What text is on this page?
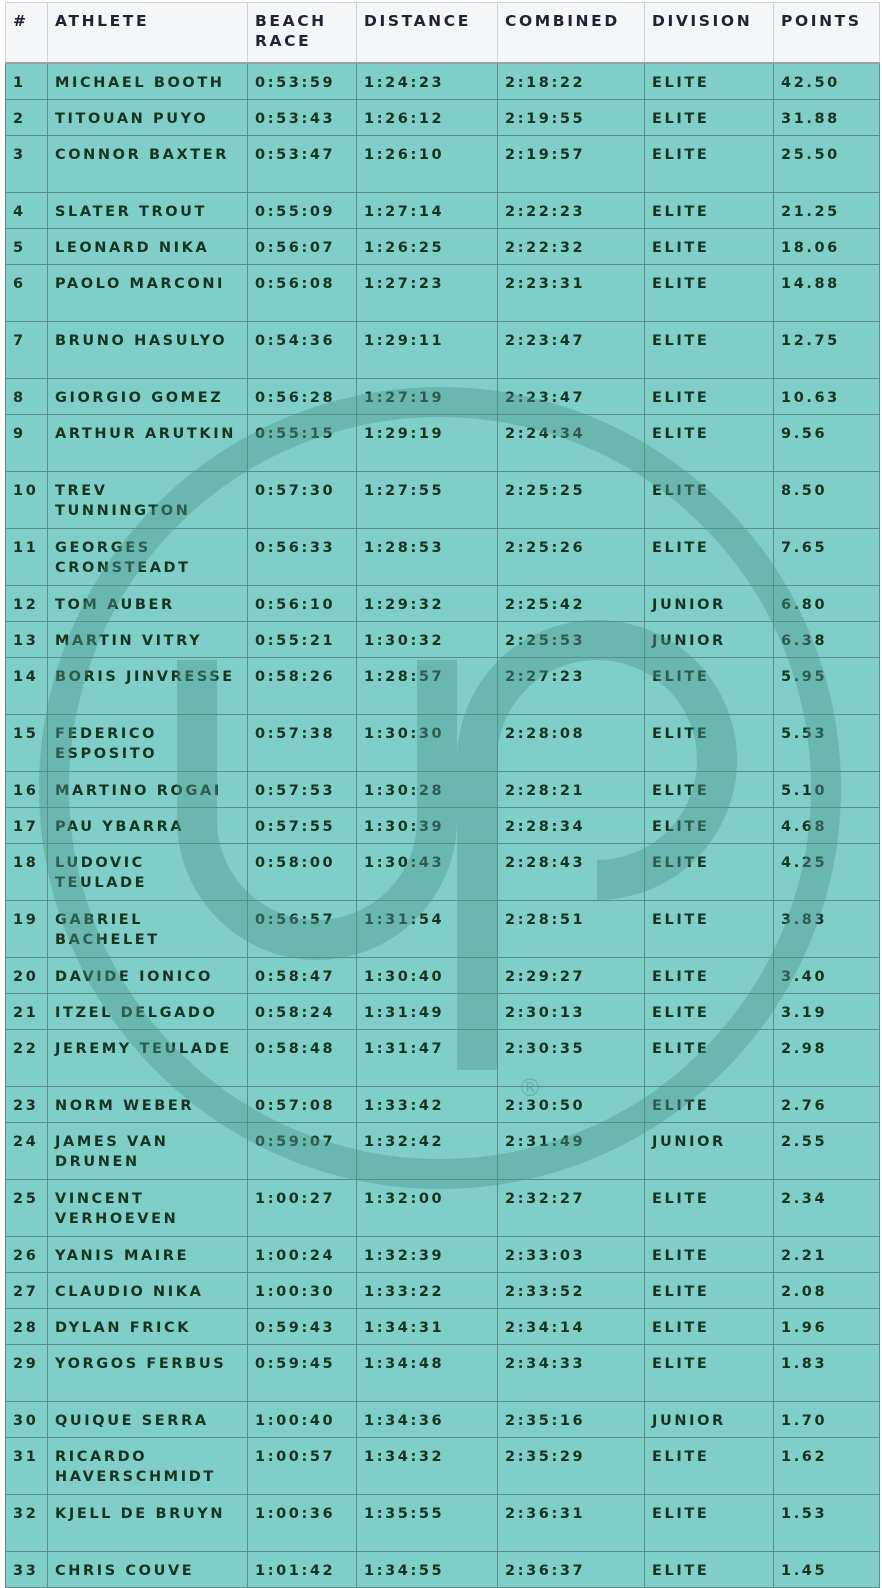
#	ATHLETE	BEACH RACE	DISTANCE	COMBINED	DIVISION	POINTS
1	MICHAEL BOOTH	0:53:59	1:24:23	2:18:22	ELITE	42.50
2	TITOUAN PUYO	0:53:43	1:26:12	2:19:55	ELITE	31.88
3	CONNOR BAXTER	0:53:47	1:26:10	2:19:57	ELITE	25.50
4	SLATER TROUT	0:55:09	1:27:14	2:22:23	ELITE	21.25
5	LEONARD NIKA	0:56:07	1:26:25	2:22:32	ELITE	18.06
6	PAOLO MARCONI	0:56:08	1:27:23	2:23:31	ELITE	14.88
7	BRUNO HASULYO	0:54:36	1:29:11	2:23:47	ELITE	12.75
8	GIORGIO GOMEZ	0:56:28	1:27:19	2:23:47	ELITE	10.63
9	ARTHUR ARUTKIN	0:55:15	1:29:19	2:24:34	ELITE	9.56
10	TREV TUNNINGTON	0:57:30	1:27:55	2:25:25	ELITE	8.50
11	GEORGES CRONSTEADT	0:56:33	1:28:53	2:25:26	ELITE	7.65
12	TOM AUBER	0:56:10	1:29:32	2:25:42	JUNIOR	6.80
13	MARTIN VITRY	0:55:21	1:30:32	2:25:53	JUNIOR	6.38
14	BORIS JINVRESSE	0:58:26	1:28:57	2:27:23	ELITE	5.95
15	FEDERICO ESPOSITO	0:57:38	1:30:30	2:28:08	ELITE	5.53
16	MARTINO ROGAI	0:57:53	1:30:28	2:28:21	ELITE	5.10
17	PAU YBARRA	0:57:55	1:30:39	2:28:34	ELITE	4.68
18	LUDOVIC TEULADE	0:58:00	1:30:43	2:28:43	ELITE	4.25
19	GABRIEL BACHELET	0:56:57	1:31:54	2:28:51	ELITE	3.83
20	DAVIDE IONICO	0:58:47	1:30:40	2:29:27	ELITE	3.40
21	ITZEL DELGADO	0:58:24	1:31:49	2:30:13	ELITE	3.19
22	JEREMY TEULADE	0:58:48	1:31:47	2:30:35	ELITE	2.98
23	NORM WEBER	0:57:08	1:33:42	2:30:50	ELITE	2.76
24	JAMES VAN DRUNEN	0:59:07	1:32:42	2:31:49	JUNIOR	2.55
25	VINCENT VERHOEVEN	1:00:27	1:32:00	2:32:27	ELITE	2.34
26	YANIS MAIRE	1:00:24	1:32:39	2:33:03	ELITE	2.21
27	CLAUDIO NIKA	1:00:30	1:33:22	2:33:52	ELITE	2.08
28	DYLAN FRICK	0:59:43	1:34:31	2:34:14	ELITE	1.96
29	YORGOS FERBUS	0:59:45	1:34:48	2:34:33	ELITE	1.83
30	QUIQUE SERRA	1:00:40	1:34:36	2:35:16	JUNIOR	1.70
31	RICARDO HAVERSCHMIDT	1:00:57	1:34:32	2:35:29	ELITE	1.62
32	KJELL DE BRUYN	1:00:36	1:35:55	2:36:31	ELITE	1.53
33	CHRIS COUVE	1:01:42	1:34:55	2:36:37	ELITE	1.45
®
